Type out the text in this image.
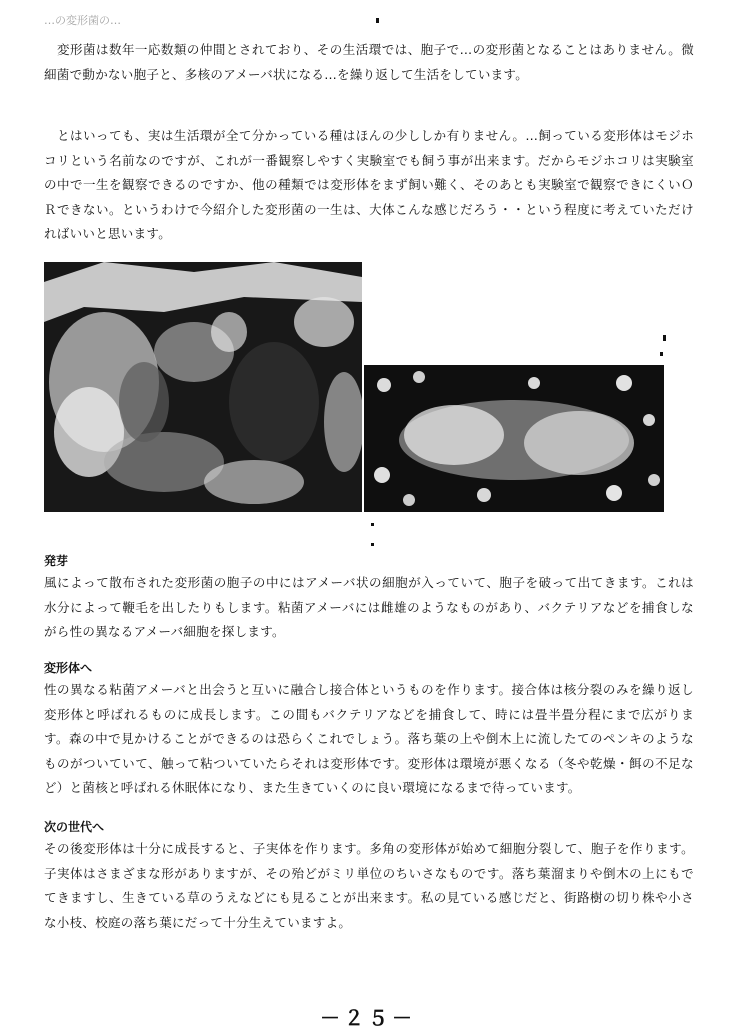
…の変形菌の…
変形菌は数年一応数類の仲間とされており、その生活環では、胞子で…の変形菌となることはありません。微細菌で動かない胞子と、多核のアメーバ状になる…を繰り返して生活をしています。
とはいっても、実は生活環が全て分かっている種はほんの少ししか有りません。…飼っている変形体はモジホコリという名前なのですが、これが一番観察しやすく実験室でも飼う事が出来ます。だからモジホコリは実験室の中で一生を観察できるのですか、他の種類では変形体をまず飼い難く、そのあとも実験室で観察できにくいＯＲできない。というわけで今紹介した変形菌の一生は、大体こんな感じだろう・・という程度に考えていただければいいと思います。
発芽
風によって散布された変形菌の胞子の中にはアメーバ状の細胞が入っていて、胞子を破って出てきます。これは水分によって鞭毛を出したりもします。粘菌アメーバには雌雄のようなものがあり、バクテリアなどを捕食しながら性の異なるアメーバ細胞を探します。
変形体へ
性の異なる粘菌アメーバと出会うと互いに融合し接合体というものを作ります。接合体は核分裂のみを繰り返し変形体と呼ばれるものに成長します。この間もバクテリアなどを捕食して、時には畳半畳分程にまで広がります。森の中で見かけることができるのは恐らくこれでしょう。落ち葉の上や倒木上に流したてのペンキのようなものがついていて、触って粘ついていたらそれは変形体です。変形体は環境が悪くなる（冬や乾燥・餌の不足など）と菌核と呼ばれる休眠体になり、また生きていくのに良い環境になるまで待っています。
次の世代へ
その後変形体は十分に成長すると、子実体を作ります。多角の変形体が始めて細胞分裂して、胞子を作ります。子実体はさまざまな形がありますが、その殆どがミリ単位のちいさなものです。落ち葉溜まりや倒木の上にもでてきますし、生きている草のうえなどにも見ることが出来ます。私の見ている感じだと、街路樹の切り株や小さな小枝、校庭の落ち葉にだって十分生えていますよ。
－２５－
